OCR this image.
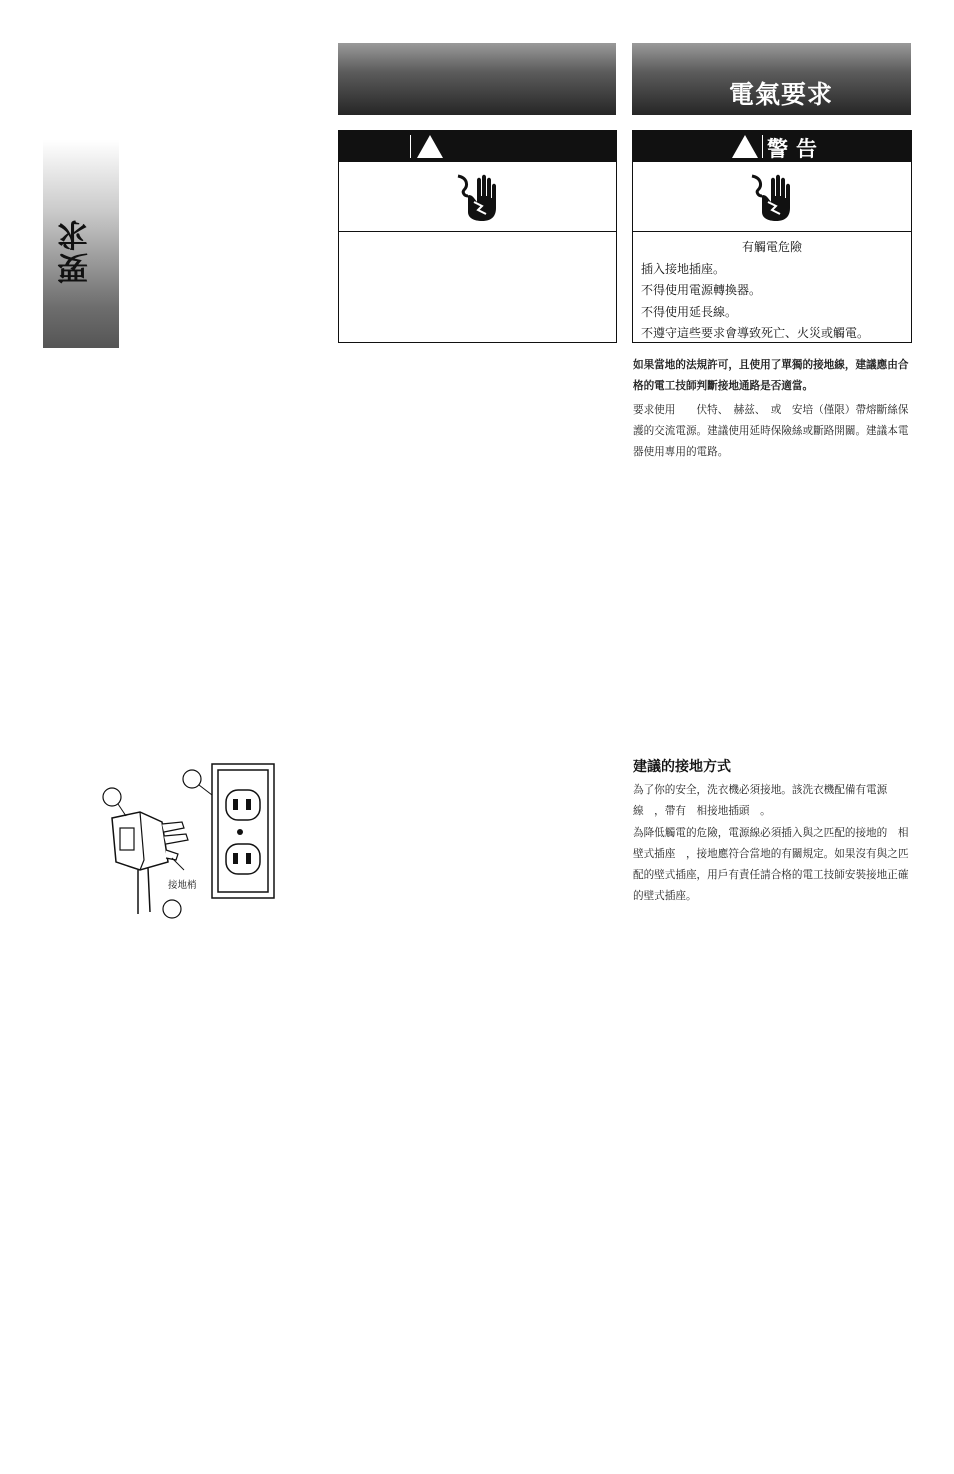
要求
電氣要求
警告
有觸電危險
插入接地插座。
不得使用電源轉換器。
不得使用延長線。
不遵守這些要求會導致死亡、火災或觸電。
如果當地的法規許可，且使用了單獨的接地線，建議應由合格的電工技師判斷接地通路是否適當。
要求使用　　伏特、　赫兹、　或　安培（僅限）帶熔斷絲保護的交流電源。建議使用延時保險絲或斷路開關。建議本電器使用專用的電路。
建議的接地方式
為了你的安全，洗衣機必須接地。該洗衣機配備有電源線　，帶有　相接地插頭　。
為降低觸電的危險，電源線必須插入與之匹配的接地的　相壁式插座　，接地應符合當地的有關規定。如果沒有與之匹配的壁式插座，用戶有責任請合格的電工技師安裝接地正確的壁式插座。
接地梢
